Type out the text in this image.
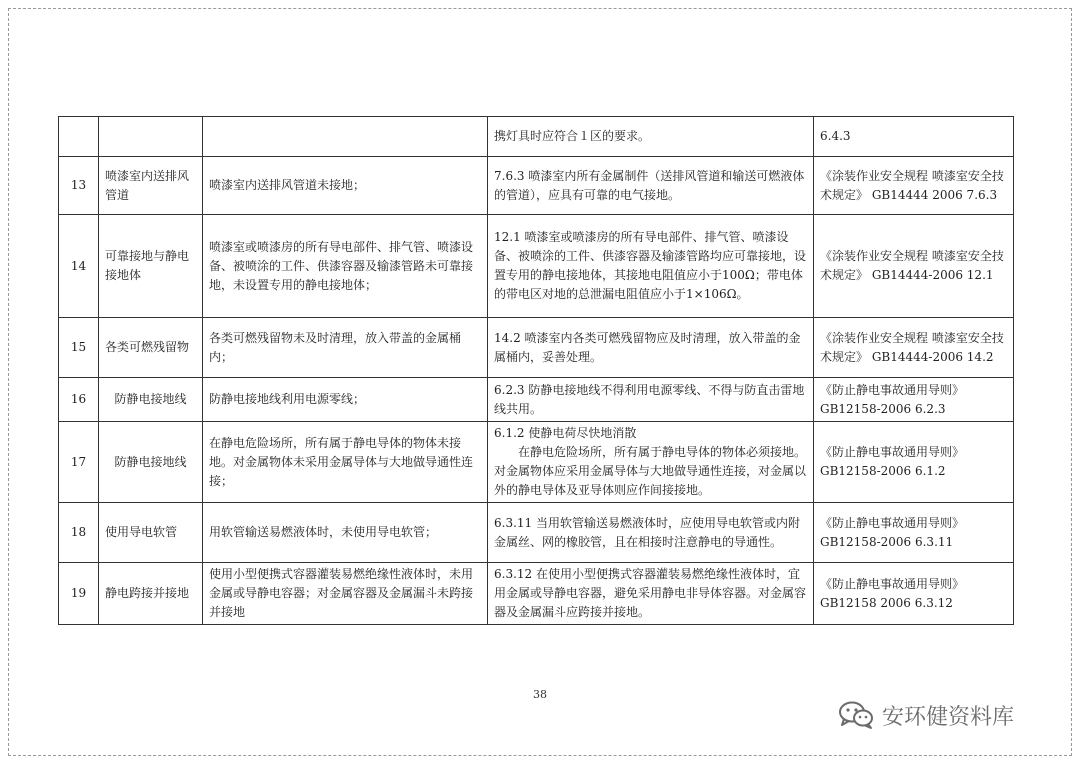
			携灯具时应符合１区的要求。	6.4.3

13	喷漆室内送排风管道	喷漆室内送排风管道未接地；	7.6.3 喷漆室内所有金属制件（送排风管道和输送可燃液体的管道），应具有可靠的电气接地。	《涂装作业安全规程 喷漆室安全技术规定》 GB14444 2006 7.6.3

14	可靠接地与静电接地体	喷漆室或喷漆房的所有导电部件、排气管、喷漆设备、被喷涂的工件、供漆容器及输漆管路未可靠接地，未设置专用的静电接地体；	12.1 喷漆室或喷漆房的所有导电部件、排气管、喷漆设备、被喷涂的工件、供漆容器及输漆管路均应可靠接地，设置专用的静电接地体，其接地电阻值应小于100Ω；带电体的带电区对地的总泄漏电阻值应小于1×106Ω。	《涂装作业安全规程 喷漆室安全技术规定》 GB14444-2006 12.1

15	各类可燃残留物	各类可燃残留物未及时清理，放入带盖的金属桶内；	14.2 喷漆室内各类可燃残留物应及时清理，放入带盖的金属桶内，妥善处理。	《涂装作业安全规程 喷漆室安全技术规定》 GB14444-2006 14.2

16	防静电接地线	防静电接地线利用电源零线；	6.2.3 防静电接地线不得利用电源零线、不得与防直击雷地线共用。	《防止静电事故通用导则》 GB12158-2006 6.2.3

17	防静电接地线	在静电危险场所，所有属于静电导体的物体未接地。对金属物体未采用金属导体与大地做导通性连接；	6.1.2 使静电荷尽快地消散
在静电危险场所，所有属于静电导体的物体必须接地。对金属物体应采用金属导体与大地做导通性连接，对金属以外的静电导体及亚导体则应作间接接地。	《防止静电事故通用导则》 GB12158-2006 6.1.2

18	使用导电软管	用软管输送易燃液体时，未使用导电软管；	6.3.11 当用软管输送易燃液体时，应使用导电软管或内附金属丝、网的橡胶管，且在相接时注意静电的导通性。	《防止静电事故通用导则》 GB12158-2006 6.3.11

19	静电跨接并接地	使用小型便携式容器灌装易燃绝缘性液体时，未用金属或导静电容器；对金属容器及金属漏斗未跨接并接地	6.3.12 在使用小型便携式容器灌装易燃绝缘性液体时，宜用金属或导静电容器，避免采用静电非导体容器。对金属容器及金属漏斗应跨接并接地。	《防止静电事故通用导则》 GB12158 2006 6.3.12
38
安环健资料库
